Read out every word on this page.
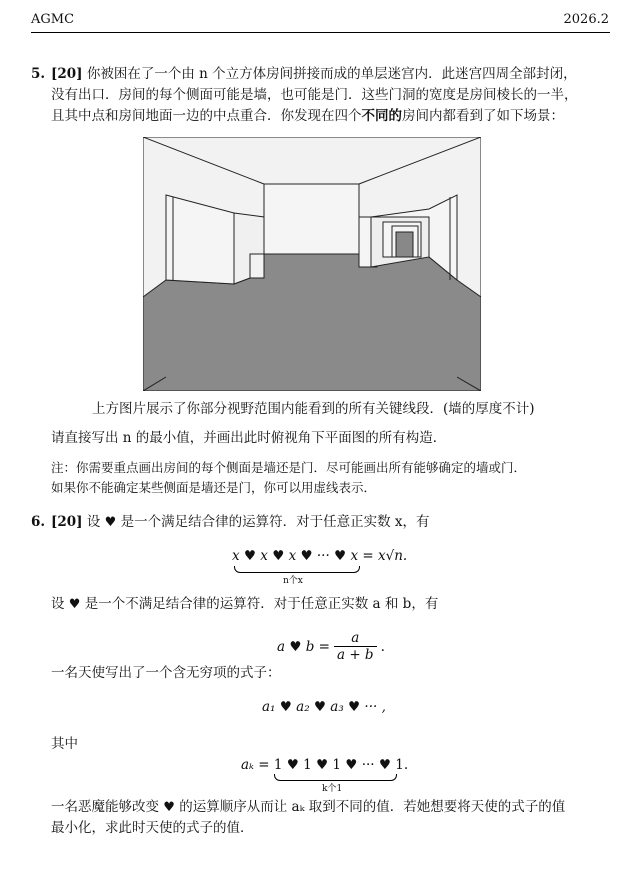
AGMC	2026.2
5. [20] 你被困在了一个由 n 个立方体房间拼接而成的单层迷宫内．此迷宫四周全部封闭，
没有出口．房间的每个侧面可能是墙，也可能是门．这些门洞的宽度是房间棱长的一半，
且其中点和房间地面一边的中点重合．你发现在四个不同的房间内都看到了如下场景：
上方图片展示了你部分视野范围内能看到的所有关键线段．(墙的厚度不计)
请直接写出 n 的最小值，并画出此时俯视角下平面图的所有构造．
注：你需要重点画出房间的每个侧面是墙还是门．尽可能画出所有能够确定的墙或门．
如果你不能确定某些侧面是墙还是门，你可以用虚线表示．
6. [20] 设 ♥ 是一个满足结合律的运算符．对于任意正实数 x，有
x ♥ x ♥ x ♥ ··· ♥ x = x√n.
n个x
设 ♥ 是一个不满足结合律的运算符．对于任意正实数 a 和 b，有
a ♥ $b = \frac{a}{a + b}$ .
一名天使写出了一个含无穷项的式子：
a₁ ♥ a₂ ♥ a₃ ♥ ··· ,
其中
aₖ = 1 ♥ 1 ♥ 1 ♥ ··· ♥ 1.
k个1
一名恶魔能够改变 ♥ 的运算顺序从而让 aₖ 取到不同的值．若她想要将天使的式子的值
最小化，求此时天使的式子的值．
